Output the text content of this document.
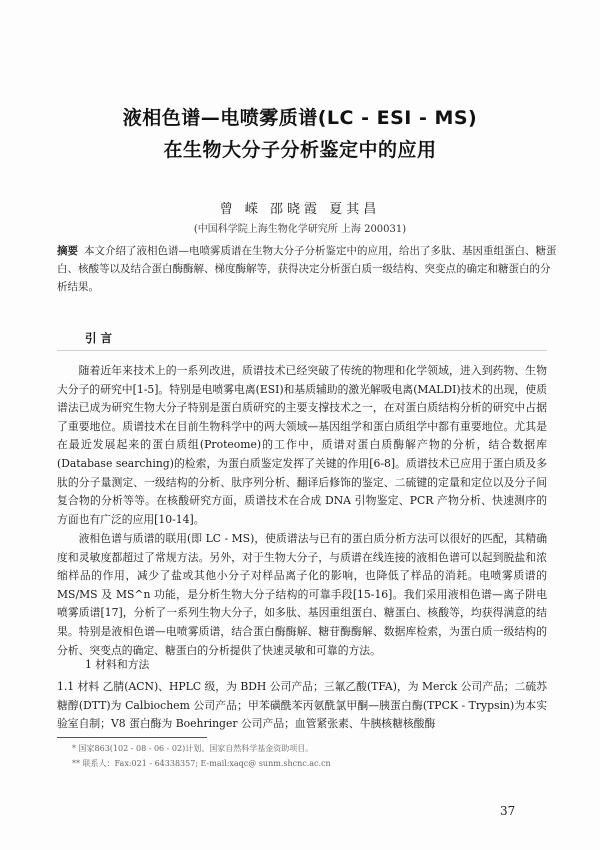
液相色谱—电喷雾质谱(LC - ESI - MS)
在生物大分子分析鉴定中的应用
曾 嵘 邵晓霞 夏其昌
(中国科学院上海生物化学研究所 上海 200031)
摘要 本文介绍了液相色谱—电喷雾质谱在生物大分子分析鉴定中的应用，给出了多肽、基因重组蛋白、糖蛋白、核酸等以及结合蛋白酶酶解、梯度酶解等，获得决定分析蛋白质一级结构、突变点的确定和糖蛋白的分析结果。
引 言
随着近年来技术上的一系列改进，质谱技术已经突破了传统的物理和化学领域，进入到药物、生物大分子的研究中[1-5]。特别是电喷雾电离(ESI)和基质辅助的激光解吸电离(MALDI)技术的出现，使质谱法已成为研究生物大分子特别是蛋白质研究的主要支撑技术之一，在对蛋白质结构分析的研究中占据了重要地位。质谱技术在目前生物科学中的两大领域—基因组学和蛋白质组学中都有重要地位。尤其是在最近发展起来的蛋白质组(Proteome)的工作中，质谱对蛋白质酶解产物的分析，结合数据库(Database searching)的检索，为蛋白质鉴定发挥了关键的作用[6-8]。质谱技术已应用于蛋白质及多肽的分子量测定、一级结构的分析、肽序列分析、翻译后修饰的鉴定、二硫键的定量和定位以及分子间复合物的分析等等。在核酸研究方面，质谱技术在合成 DNA 引物鉴定、PCR 产物分析、快速测序的方面也有广泛的应用[10-14]。
液相色谱与质谱的联用(即 LC - MS)，使质谱法与已有的蛋白质分析方法可以很好的匹配，其精确度和灵敏度都超过了常规方法。另外，对于生物大分子，与质谱在线连接的液相色谱可以起到脱盐和浓缩样品的作用，减少了盐或其他小分子对样品离子化的影响，也降低了样品的消耗。电喷雾质谱的 MS/MS 及 MS^n 功能，是分析生物大分子结构的可靠手段[15-16]。我们采用液相色谱—离子阱电喷雾质谱[17]，分析了一系列生物大分子，如多肽、基因重组蛋白、糖蛋白、核酸等，均获得满意的结果。特别是液相色谱—电喷雾质谱，结合蛋白酶酶解、糖苷酶酶解、数据库检索，为蛋白质一级结构的分析、突变点的确定、糖蛋白的分析提供了快速灵敏和可靠的方法。
1 材料和方法
1.1 材料 乙腈(ACN)、HPLC 级，为 BDH 公司产品；三氟乙酸(TFA)，为 Merck 公司产品；二硫苏糖醇(DTT)为 Calbiochem 公司产品；甲苯磺酰苯丙氨酰氯甲酮—胰蛋白酶(TPCK - Trypsin)为本实验室自制；V8 蛋白酶为 Boehringer 公司产品；血管紧张素、牛胰核糖核酸酶
* 国家863(102 - 08 - 06 - 02)计划、国家自然科学基金资助项目。
** 联系人：Fax:021 - 64338357; E-mail:xaqc@ sunm.shcnc.ac.cn
37
